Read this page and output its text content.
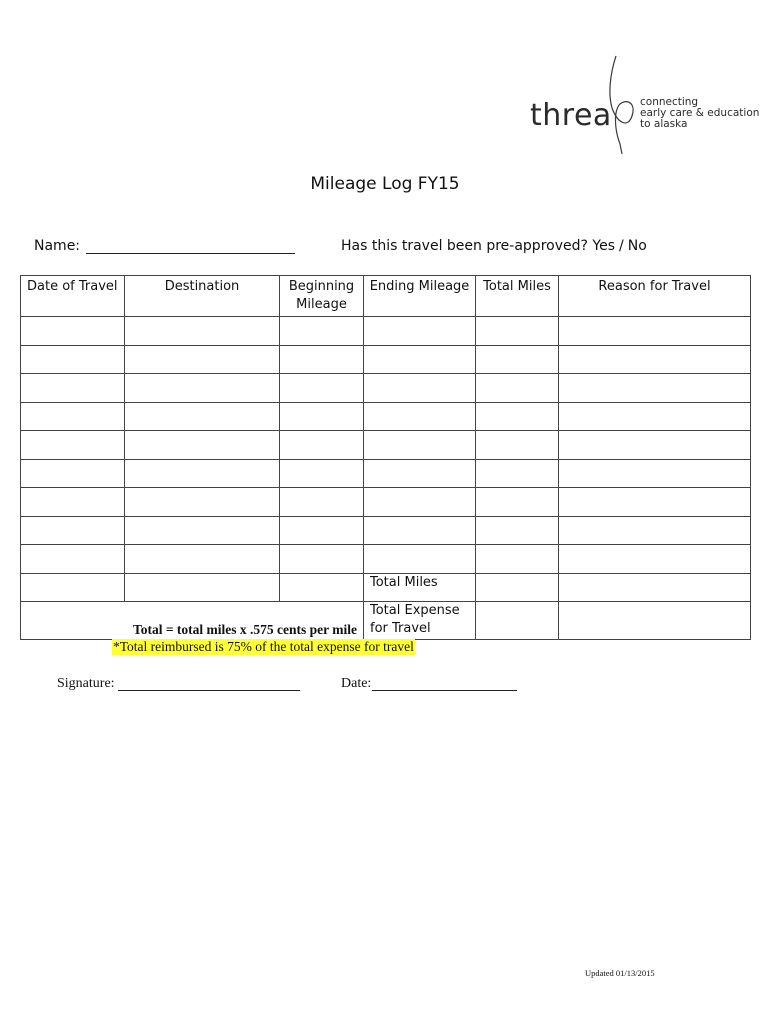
threa	connecting
early care & education
to alaska
Mileage Log FY15
Name:	Has this travel been pre-approved? Yes / No
Date of Travel	Destination	Beginning Mileage	Ending Mileage	Total Miles	Reason for Travel

			Total Miles		
Total = total miles x .575 cents per mile			Total Expense for Travel		
*Total reimbursed is 75% of the total expense for travel
Signature:	Date:
Updated 01/13/2015
